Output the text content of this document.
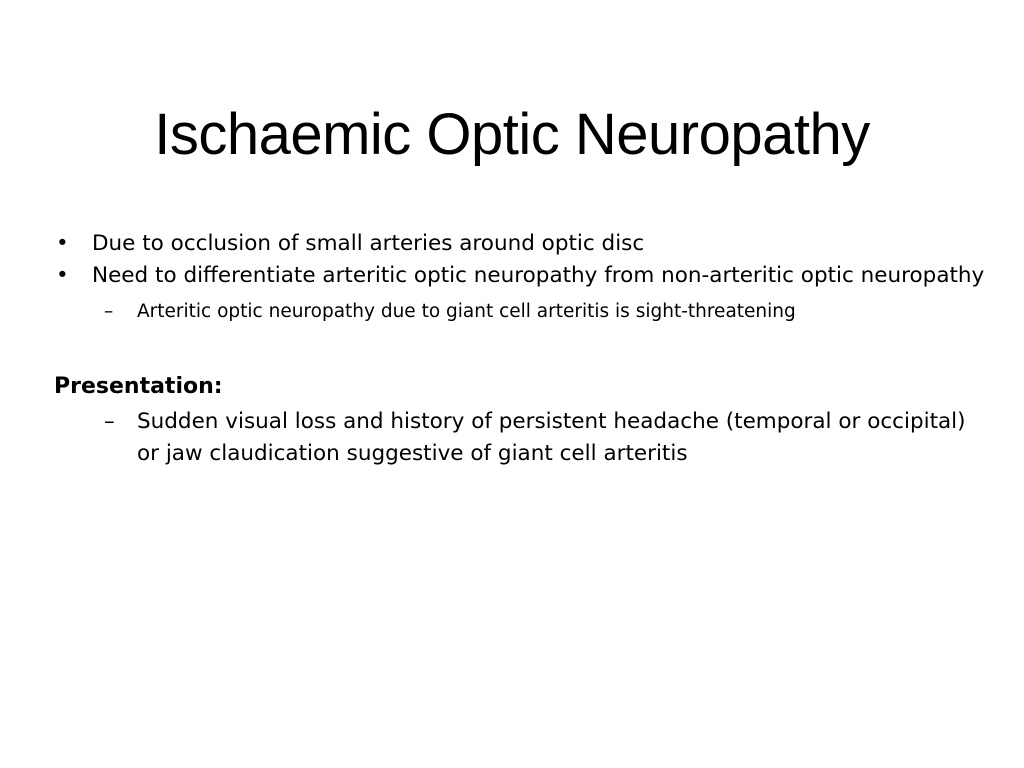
Ischaemic Optic Neuropathy
• Due to occlusion of small arteries around optic disc
• Need to differentiate arteritic optic neuropathy from non-arteritic optic neuropathy
– Arteritic optic neuropathy due to giant cell arteritis is sight-threatening
Presentation:
– Sudden visual loss and history of persistent headache (temporal or occipital) or jaw claudication suggestive of giant cell arteritis
